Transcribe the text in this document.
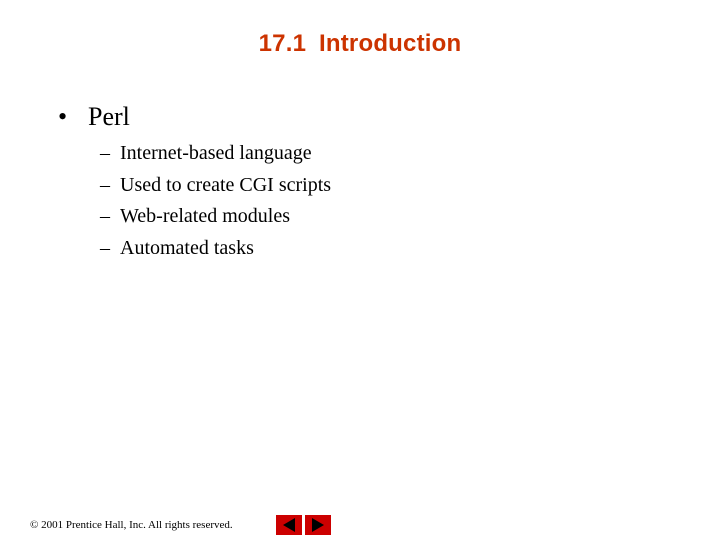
17.1 Introduction
• Perl
– Internet-based language
– Used to create CGI scripts
– Web-related modules
– Automated tasks
© 2001 Prentice Hall, Inc. All rights reserved.
